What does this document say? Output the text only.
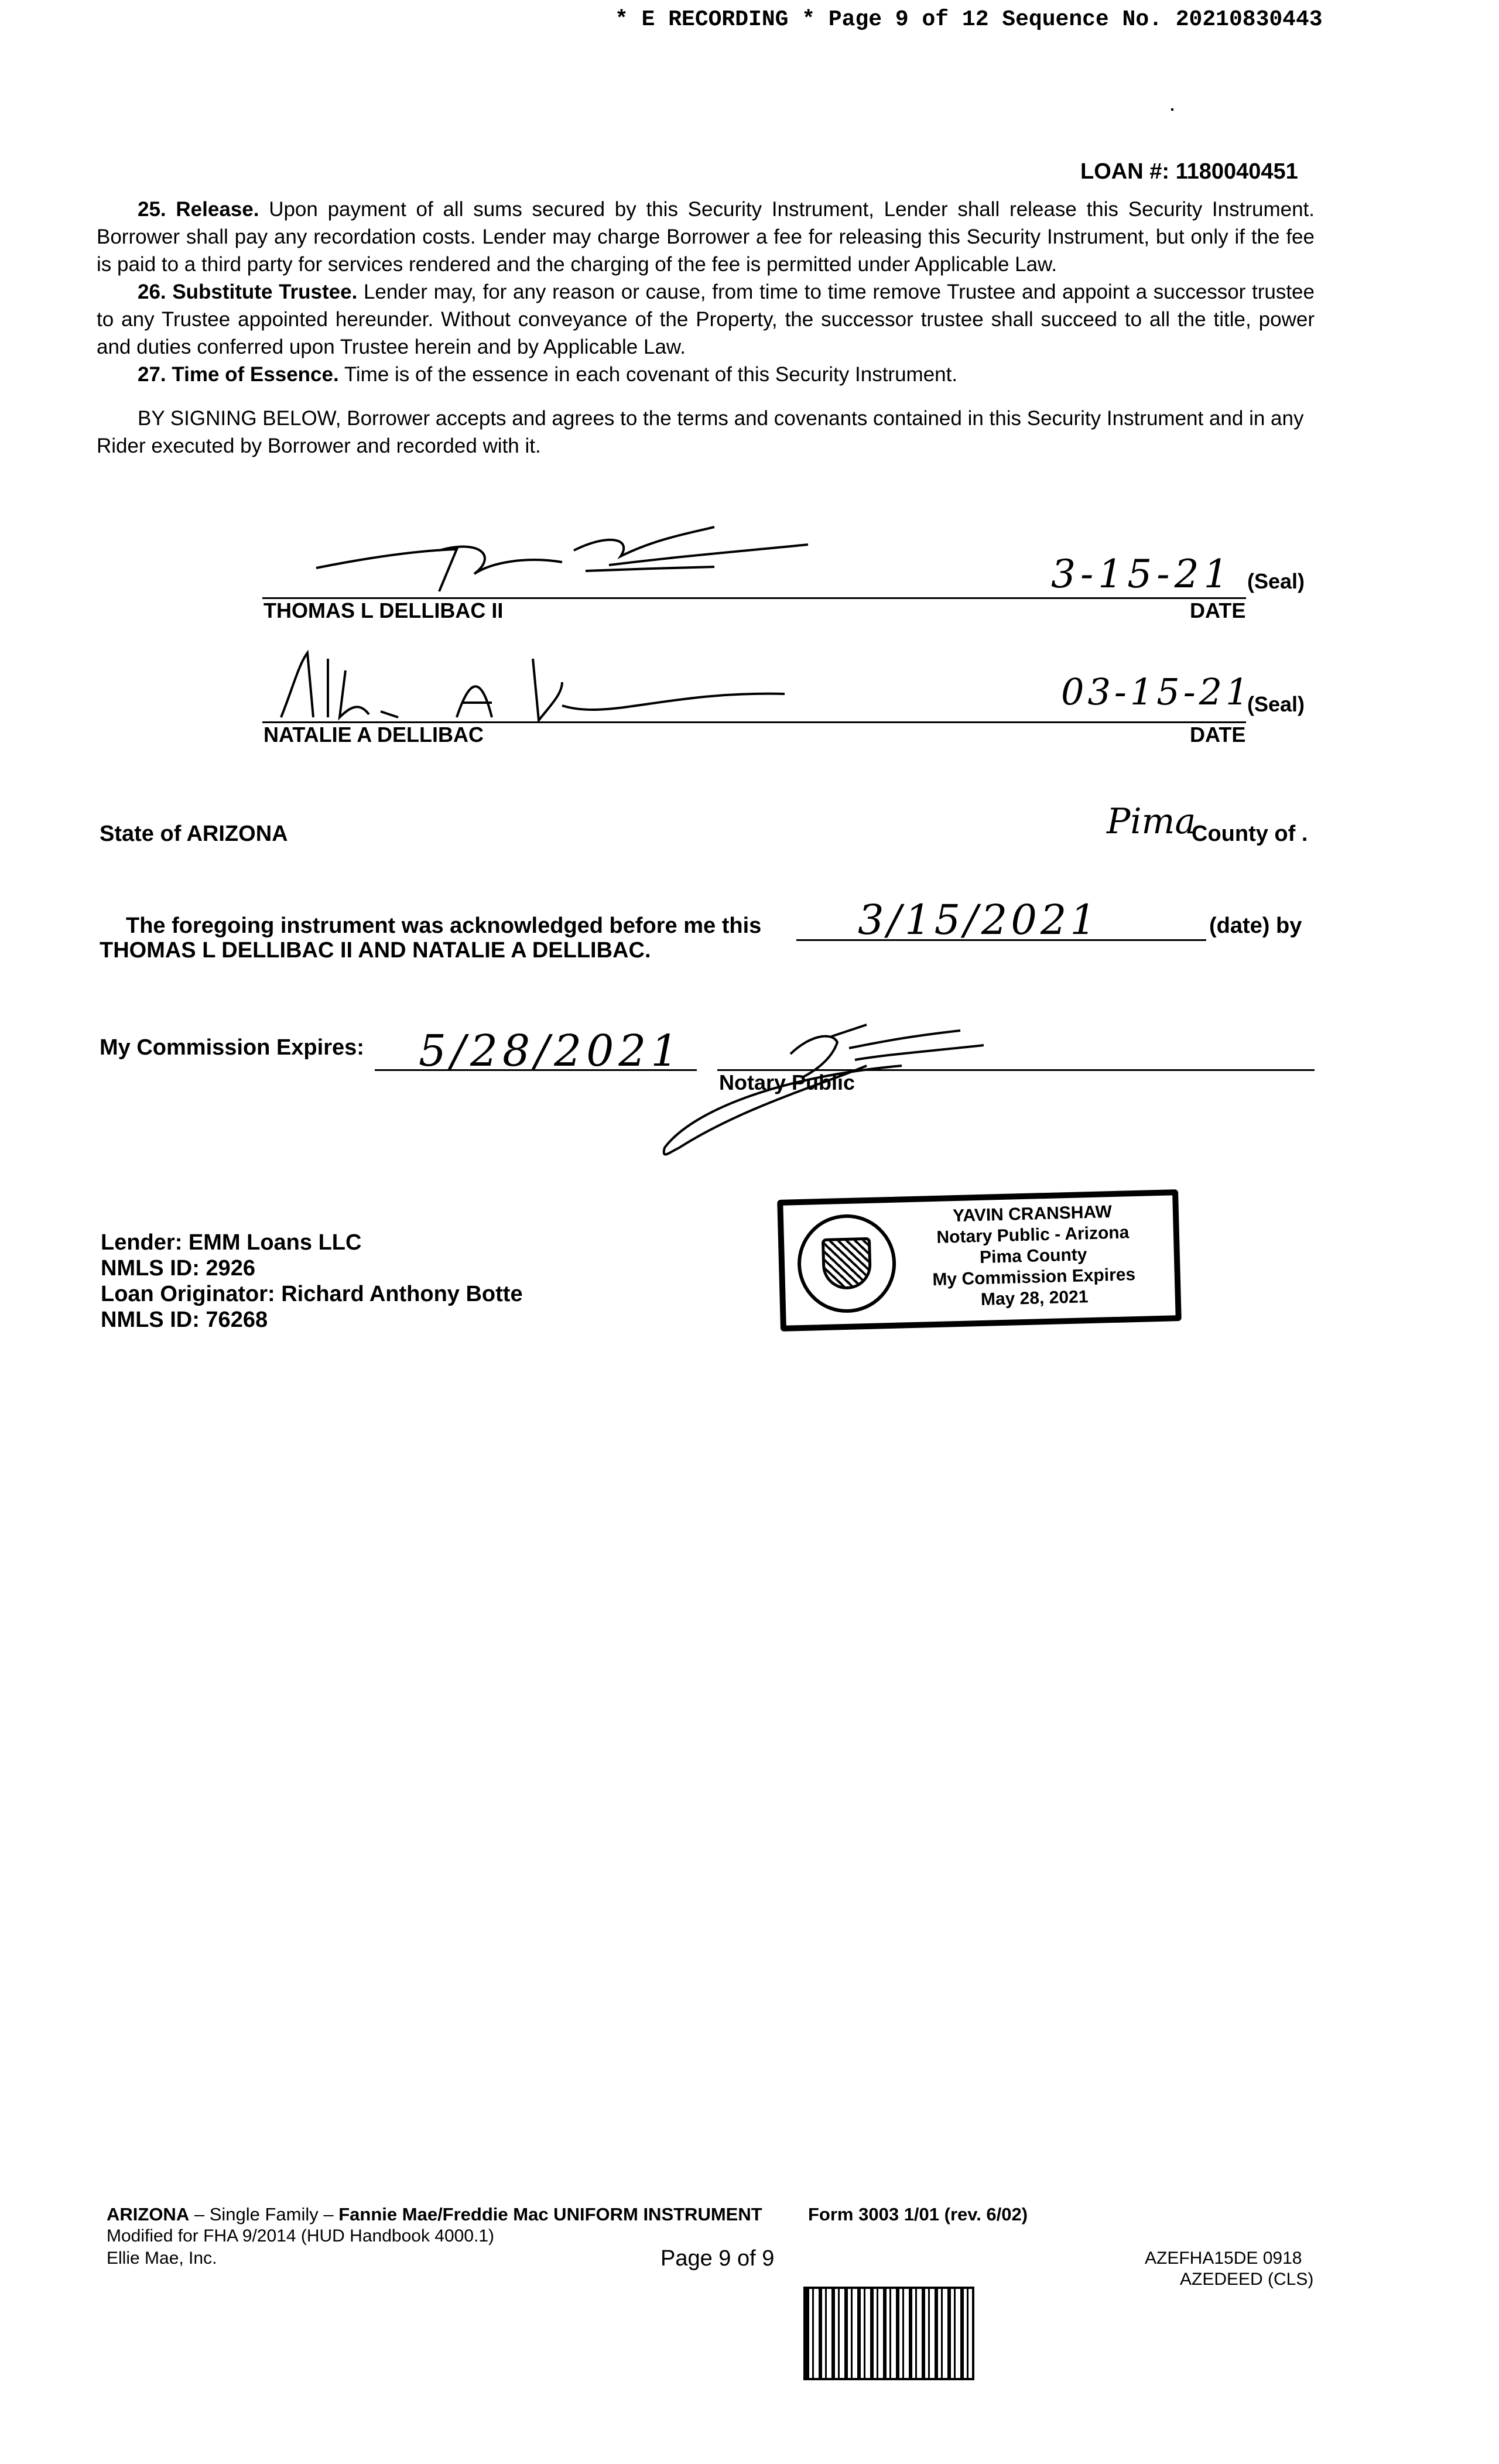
* E RECORDING * Page 9 of 12 Sequence No. 20210830443
LOAN #: 1180040451

25. Release. Upon payment of all sums secured by this Security Instrument, Lender shall release this Security Instrument. Borrower shall pay any recordation costs. Lender may charge Borrower a fee for releasing this Security Instrument, but only if the fee is paid to a third party for services rendered and the charging of the fee is permitted under Applicable Law.

26. Substitute Trustee. Lender may, for any reason or cause, from time to time remove Trustee and appoint a successor trustee to any Trustee appointed hereunder. Without conveyance of the Property, the successor trustee shall succeed to all the title, power and duties conferred upon Trustee herein and by Applicable Law.

27. Time of Essence. Time is of the essence in each covenant of this Security Instrument.

BY SIGNING BELOW, Borrower accepts and agrees to the terms and covenants contained in this Security Instrument and in any Rider executed by Borrower and recorded with it.

3-15-21 (Seal)
THOMAS L DELLIBAC II	DATE
03-15-21
(Seal)
NATALIE A DELLIBAC	DATE
State of ARIZONA	Pima
County of .
The foregoing instrument was acknowledged before me this 3/15/2021	(date) by
THOMAS L DELLIBAC II AND NATALIE A DELLIBAC.
My Commission Expires: 5/28/2021
Notary Public
YAVIN CRANSHAW
Notary Public - Arizona
Pima County
My Commission Expires
May 28, 2021
Lender: EMM Loans LLC
NMLS ID: 2926
Loan Originator: Richard Anthony Botte
NMLS ID: 76268
ARIZONA – Single Family – Fannie Mae/Freddie Mac UNIFORM INSTRUMENT	Form 3003 1/01 (rev. 6/02)
Modified for FHA 9/2014 (HUD Handbook 4000.1)
Ellie Mae, Inc.	Page 9 of 9	AZEFHA15DE 0918
AZEDEED (CLS)
